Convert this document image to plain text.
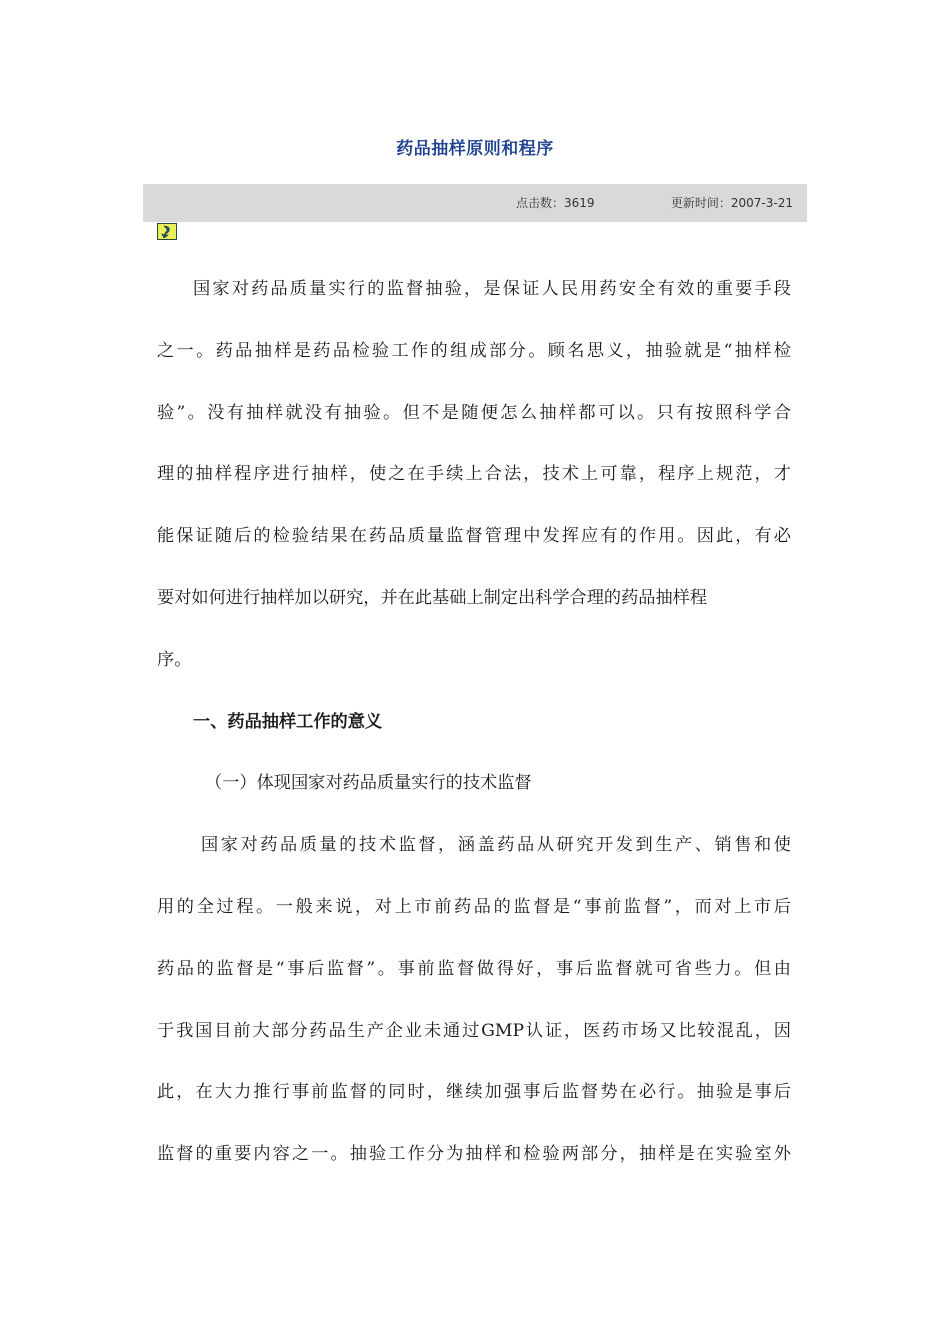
药品抽样原则和程序
点击数：3619	更新时间：2007-3-21
国家对药品质量实行的监督抽验，是保证人民用药安全有效的重要手段
之一。药品抽样是药品检验工作的组成部分。顾名思义，抽验就是“抽样检
验”。没有抽样就没有抽验。但不是随便怎么抽样都可以。只有按照科学合
理的抽样程序进行抽样，使之在手续上合法，技术上可靠，程序上规范，才
能保证随后的检验结果在药品质量监督管理中发挥应有的作用。因此，有必
要对如何进行抽样加以研究，并在此基础上制定出科学合理的药品抽样程
序。
一、药品抽样工作的意义
（一）体现国家对药品质量实行的技术监督
国家对药品质量的技术监督，涵盖药品从研究开发到生产、销售和使
用的全过程。一般来说，对上市前药品的监督是“事前监督”，而对上市后
药品的监督是“事后监督”。事前监督做得好，事后监督就可省些力。但由
于我国目前大部分药品生产企业未通过GMP认证，医药市场又比较混乱，因
此，在大力推行事前监督的同时，继续加强事后监督势在必行。抽验是事后
监督的重要内容之一。抽验工作分为抽样和检验两部分，抽样是在实验室外
